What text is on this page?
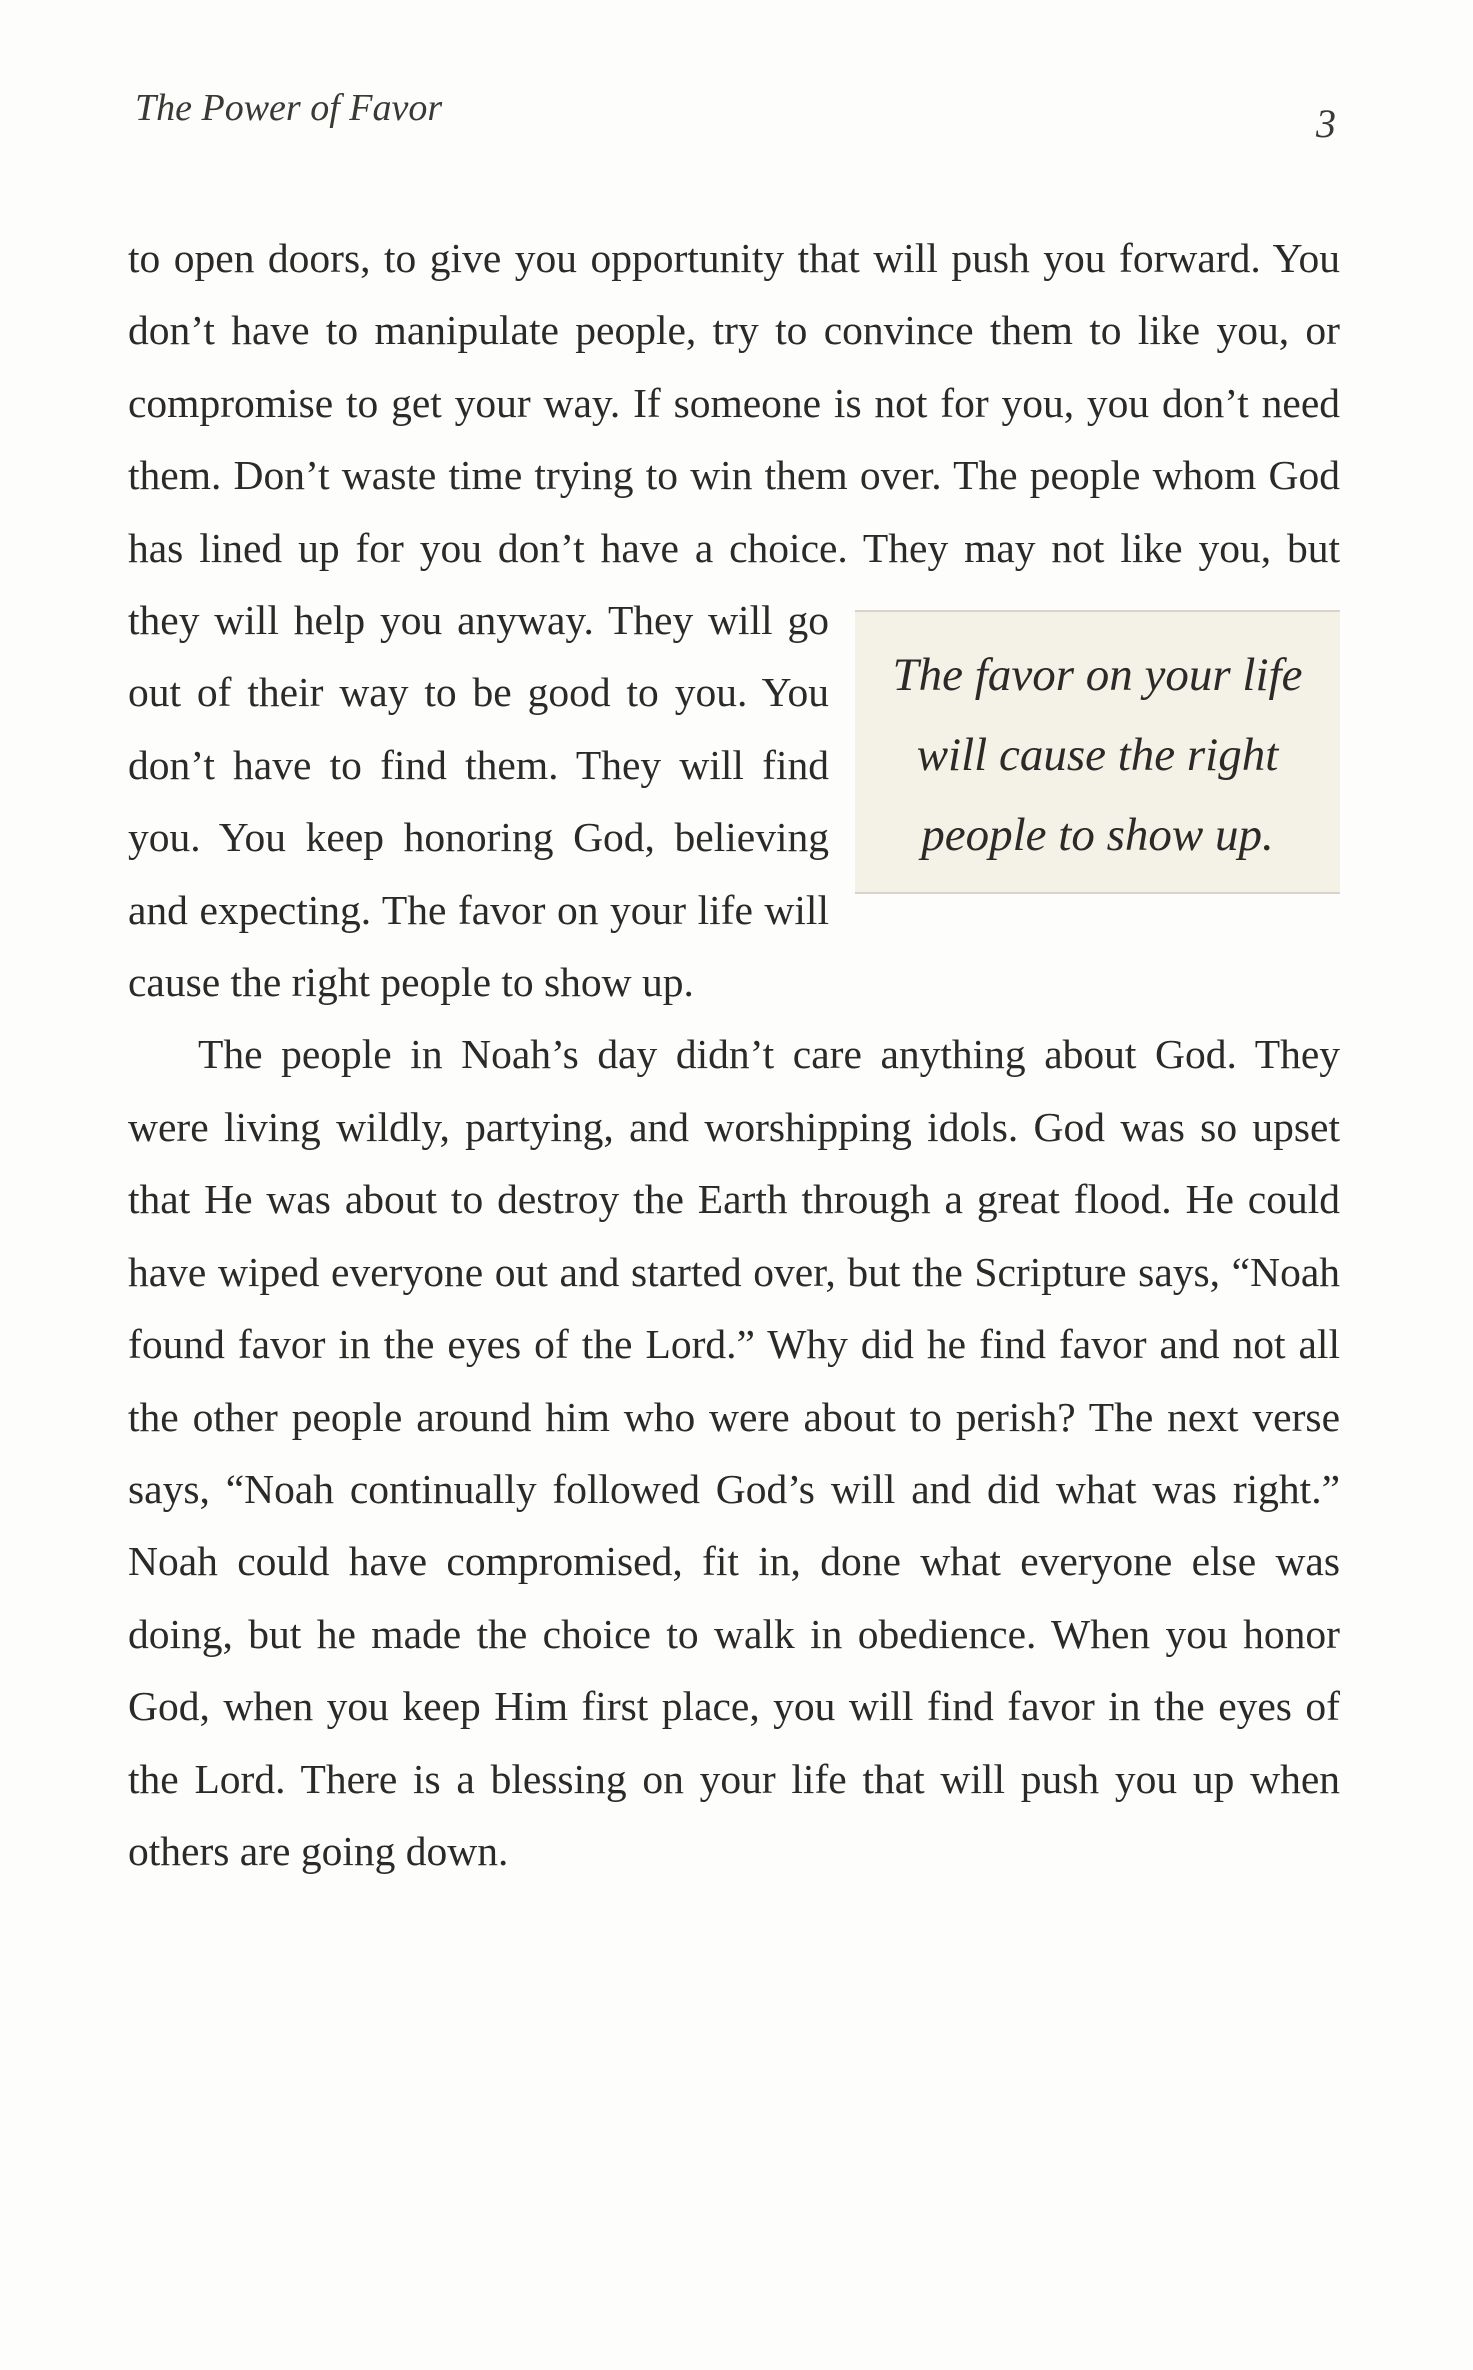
The Power of Favor	3

to open doors, to give you opportunity that will push you forward. You don’t have to manipulate people, try to convince them to like you, or compromise to get your way. If someone is not for you, you don’t need them. Don’t waste time trying to win them over. The people whom God has lined up for you don’t have a choice. They may not like
The favor on your life will cause the right people to show up.
you, but they will help you anyway. They will go out of their way to be good to you. You don’t have to find them. They will find you. You keep honoring God, believing and expecting. The favor on your life will cause the right people to show up.

The people in Noah’s day didn’t care anything about God. They were living wildly, partying, and worshipping idols. God was so upset that He was about to destroy the Earth through a great flood. He could have wiped everyone out and started over, but the Scripture says, “Noah found favor in the eyes of the Lord.” Why did he find favor and not all the other people around him who were about to perish? The next verse says, “Noah continually followed God’s will and did what was right.” Noah could have compromised, fit in, done what everyone else was doing, but he made the choice to walk in obedience. When you honor God, when you keep Him first place, you will find favor in the eyes of the Lord. There is a blessing on your life that will push you up when others are going down.
